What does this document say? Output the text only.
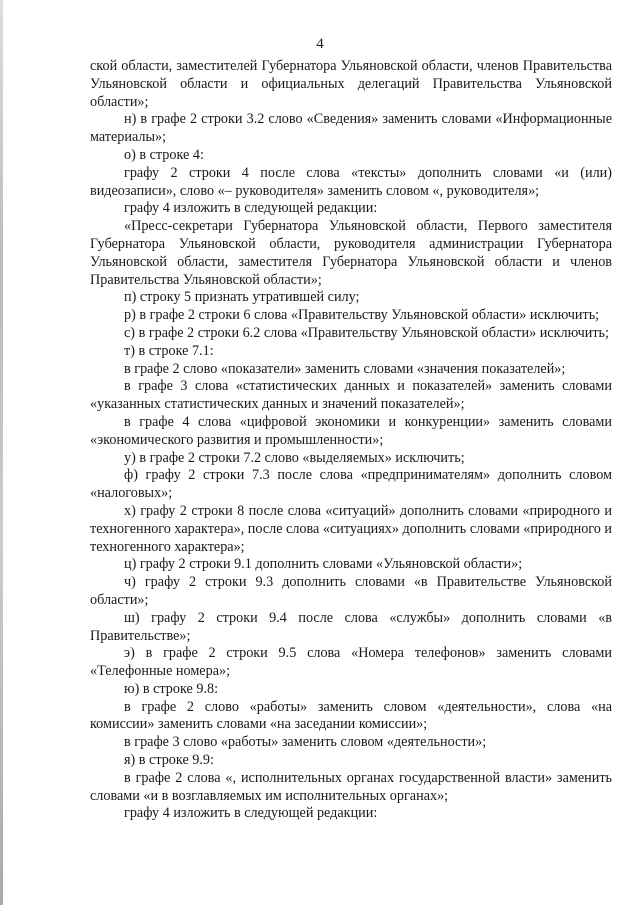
4

ской области, заместителей Губернатора Ульяновской области, членов Правительства Ульяновской области и официальных делегаций Правительства Ульяновской области»;

н) в графе 2 строки 3.2 слово «Сведения» заменить словами «Информационные материалы»;

о) в строке 4:

графу 2 строки 4 после слова «тексты» дополнить словами «и (или) видеозаписи», слово «– руководителя» заменить словом «, руководителя»;

графу 4 изложить в следующей редакции:

«Пресс-секретари Губернатора Ульяновской области, Первого заместителя Губернатора Ульяновской области, руководителя администрации Губернатора Ульяновской области, заместителя Губернатора Ульяновской области и членов Правительства Ульяновской области»;

п) строку 5 признать утратившей силу;

р) в графе 2 строки 6 слова «Правительству Ульяновской области» исключить;

с) в графе 2 строки 6.2 слова «Правительству Ульяновской области» исключить;

т) в строке 7.1:

в графе 2 слово «показатели» заменить словами «значения показателей»;

в графе 3 слова «статистических данных и показателей» заменить словами «указанных статистических данных и значений показателей»;

в графе 4 слова «цифровой экономики и конкуренции» заменить словами «экономического развития и промышленности»;

у) в графе 2 строки 7.2 слово «выделяемых» исключить;

ф) графу 2 строки 7.3 после слова «предпринимателям» дополнить словом «налоговых»;

х) графу 2 строки 8 после слова «ситуаций» дополнить словами «природного и техногенного характера», после слова «ситуациях» дополнить словами «природного и техногенного характера»;

ц) графу 2 строки 9.1 дополнить словами «Ульяновской области»;

ч) графу 2 строки 9.3 дополнить словами «в Правительстве Ульяновской области»;

ш) графу 2 строки 9.4 после слова «службы» дополнить словами «в Правительстве»;

э) в графе 2 строки 9.5 слова «Номера телефонов» заменить словами «Телефонные номера»;

ю) в строке 9.8:

в графе 2 слово «работы» заменить словом «деятельности», слова «на комиссии» заменить словами «на заседании комиссии»;

в графе 3 слово «работы» заменить словом «деятельности»;

я) в строке 9.9:

в графе 2 слова «, исполнительных органах государственной власти» заменить словами «и в возглавляемых им исполнительных органах»;

графу 4 изложить в следующей редакции:
